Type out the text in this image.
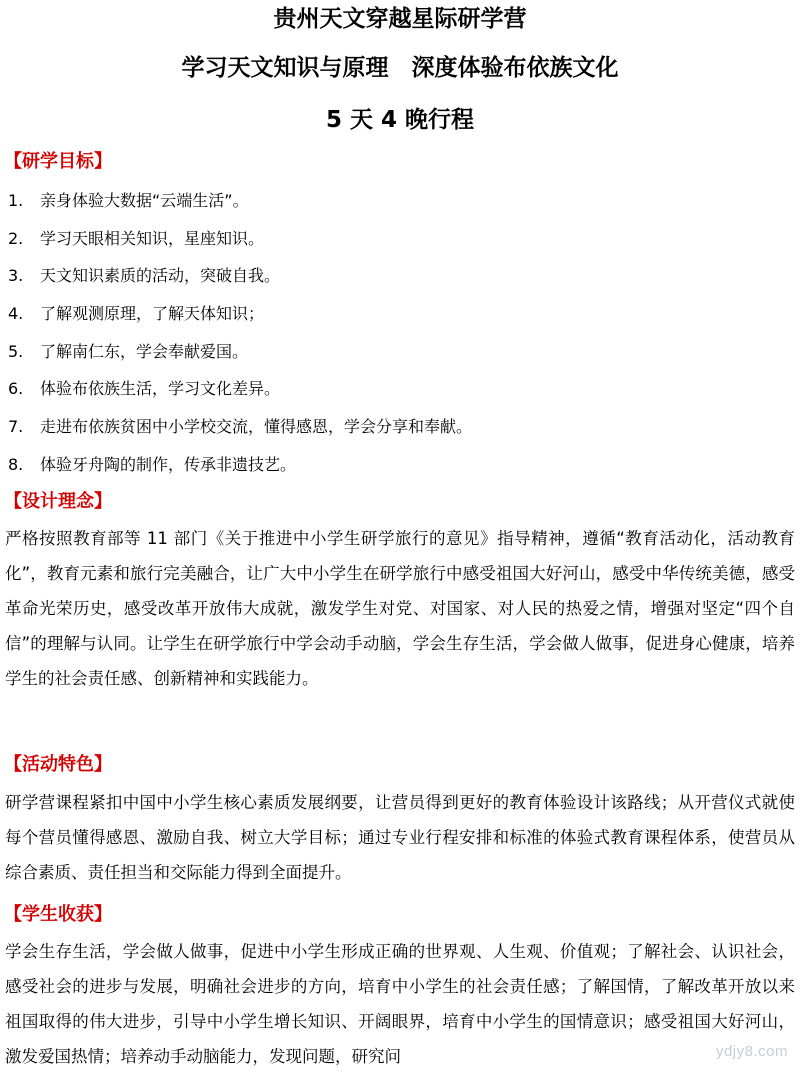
贵州天文穿越星际研学营
学习天文知识与原理　深度体验布依族文化
5 天 4 晚行程
【研学目标】
1. 亲身体验大数据“云端生活”。
2. 学习天眼相关知识，星座知识。
3. 天文知识素质的活动，突破自我。
4. 了解观测原理，了解天体知识；
5. 了解南仁东，学会奉献爱国。
6. 体验布依族生活，学习文化差异。
7. 走进布依族贫困中小学校交流，懂得感恩，学会分享和奉献。
8. 体验牙舟陶的制作，传承非遗技艺。
【设计理念】
严格按照教育部等 11 部门《关于推进中小学生研学旅行的意见》指导精神，遵循“教育活动化，活动教育化”，教育元素和旅行完美融合，让广大中小学生在研学旅行中感受祖国大好河山，感受中华传统美德，感受革命光荣历史，感受改革开放伟大成就，激发学生对党、对国家、对人民的热爱之情，增强对坚定“四个自信”的理解与认同。让学生在研学旅行中学会动手动脑，学会生存生活，学会做人做事，促进身心健康，培养学生的社会责任感、创新精神和实践能力。
【活动特色】
研学营课程紧扣中国中小学生核心素质发展纲要，让营员得到更好的教育体验设计该路线；从开营仪式就使每个营员懂得感恩、激励自我、树立大学目标；通过专业行程安排和标准的体验式教育课程体系，使营员从综合素质、责任担当和交际能力得到全面提升。
【学生收获】
学会生存生活，学会做人做事，促进中小学生形成正确的世界观、人生观、价值观；了解社会、认识社会，感受社会的进步与发展，明确社会进步的方向，培育中小学生的社会责任感；了解国情，了解改革开放以来祖国取得的伟大进步，引导中小学生增长知识、开阔眼界，培育中小学生的国情意识；感受祖国大好河山，激发爱国热情；培养动手动脑能力，发现问题，研究问	ydjy8.com
